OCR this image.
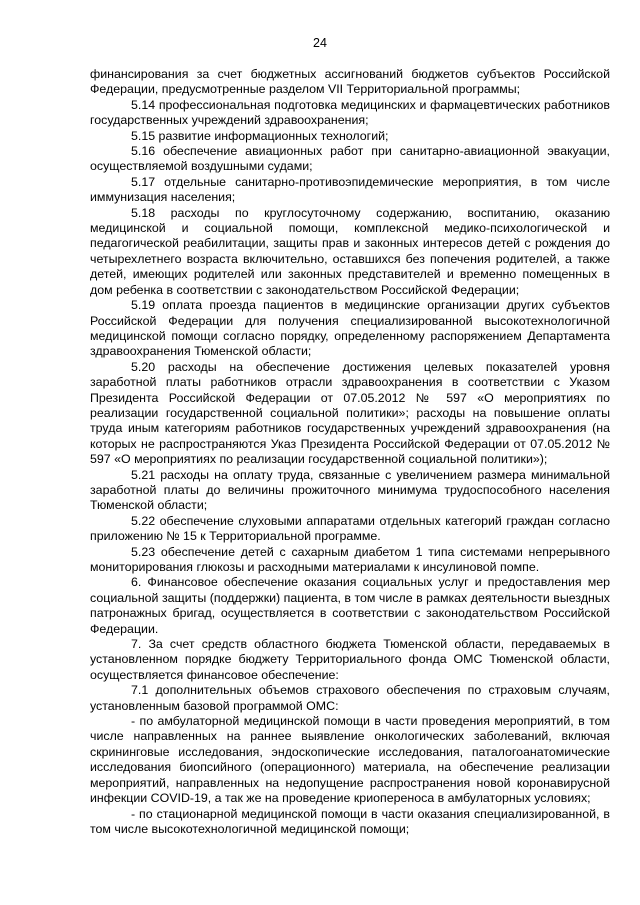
24

финансирования за счет бюджетных ассигнований бюджетов субъектов Российской Федерации, предусмотренные разделом VII Территориальной программы;

5.14 профессиональная подготовка медицинских и фармацевтических работников государственных учреждений здравоохранения;

5.15 развитие информационных технологий;

5.16 обеспечение авиационных работ при санитарно-авиационной эвакуации, осуществляемой воздушными судами;

5.17 отдельные санитарно-противоэпидемические мероприятия, в том числе иммунизация населения;

5.18 расходы по круглосуточному содержанию, воспитанию, оказанию медицинской и социальной помощи, комплексной медико-психологической и педагогической реабилитации, защиты прав и законных интересов детей с рождения до четырехлетнего возраста включительно, оставшихся без попечения родителей, а также детей, имеющих родителей или законных представителей и временно помещенных в дом ребенка в соответствии с законодательством Российской Федерации;

5.19 оплата проезда пациентов в медицинские организации других субъектов Российской Федерации для получения специализированной высокотехнологичной медицинской помощи согласно порядку, определенному распоряжением Департамента здравоохранения Тюменской области;

5.20 расходы на обеспечение достижения целевых показателей уровня заработной платы работников отрасли здравоохранения в соответствии с Указом Президента Российской Федерации от 07.05.2012 № 597 «О мероприятиях по реализации государственной социальной политики»; расходы на повышение оплаты труда иным категориям работников государственных учреждений здравоохранения (на которых не распространяются Указ Президента Российской Федерации от 07.05.2012 № 597 «О мероприятиях по реализации государственной социальной политики»);

5.21 расходы на оплату труда, связанные с увеличением размера минимальной заработной платы до величины прожиточного минимума трудоспособного населения Тюменской области;

5.22 обеспечение слуховыми аппаратами отдельных категорий граждан согласно приложению № 15 к Территориальной программе.

5.23 обеспечение детей с сахарным диабетом 1 типа системами непрерывного мониторирования глюкозы и расходными материалами к инсулиновой помпе.

6. Финансовое обеспечение оказания социальных услуг и предоставления мер социальной защиты (поддержки) пациента, в том числе в рамках деятельности выездных патронажных бригад, осуществляется в соответствии с законодательством Российской Федерации.

7. За счет средств областного бюджета Тюменской области, передаваемых в установленном порядке бюджету Территориального фонда ОМС Тюменской области, осуществляется финансовое обеспечение:

7.1 дополнительных объемов страхового обеспечения по страховым случаям, установленным базовой программой ОМС:

- по амбулаторной медицинской помощи в части проведения мероприятий, в том числе направленных на раннее выявление онкологических заболеваний, включая скрининговые исследования, эндоскопические исследования, паталогоанатомические исследования биопсийного (операционного) материала, на обеспечение реализации мероприятий, направленных на недопущение распространения новой коронавирусной инфекции COVID-19, а так же на проведение криопереноса в амбулаторных условиях;

- по стационарной медицинской помощи в части оказания специализированной, в том числе высокотехнологичной медицинской помощи;
